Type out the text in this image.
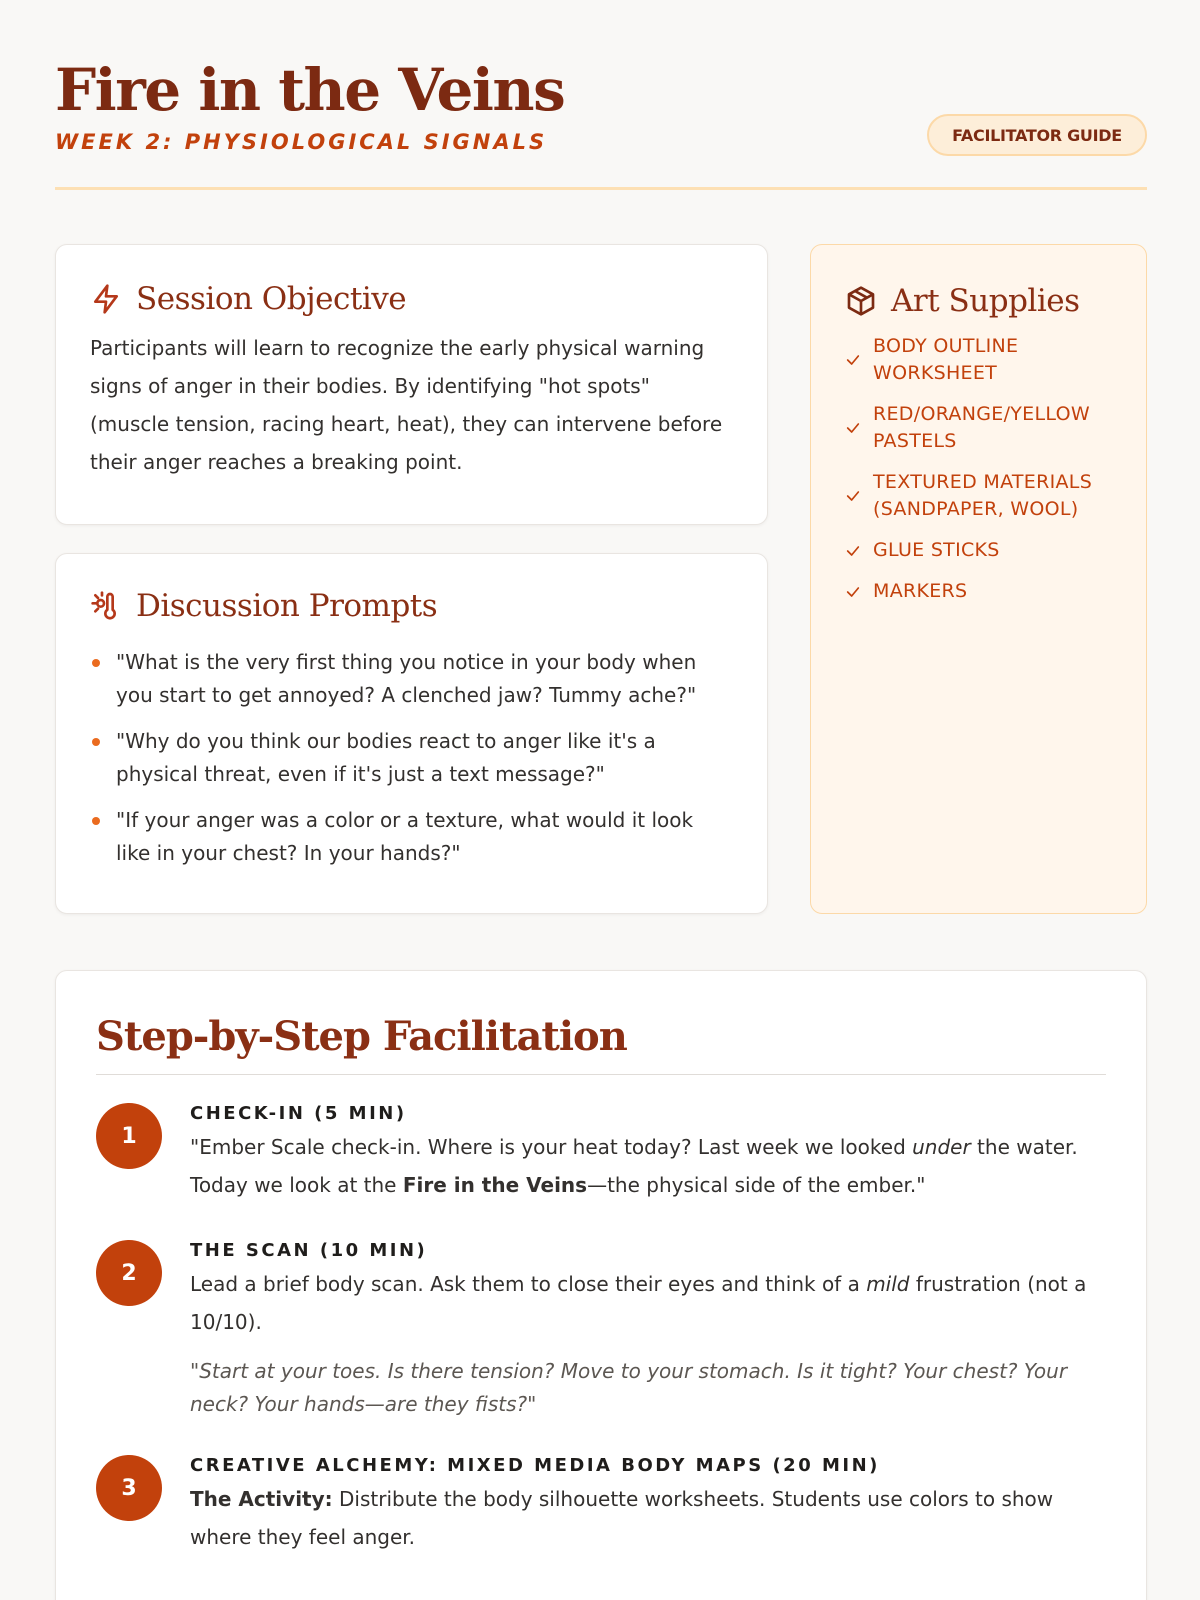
Fire in the Veins
WEEK 2: PHYSIOLOGICAL SIGNALS	FACILITATOR GUIDE
Session Objective

Participants will learn to recognize the early physical warning signs of anger in their bodies. By identifying "hot spots" (muscle tension, racing heart, heat), they can intervene before their anger reaches a breaking point.

Discussion Prompts
"What is the very first thing you notice in your body when you start to get annoyed? A clenched jaw? Tummy ache?"
"Why do you think our bodies react to anger like it's a physical threat, even if it's just a text message?"
"If your anger was a color or a texture, what would it look like in your chest? In your hands?"
Art Supplies
BODY OUTLINE WORKSHEET
RED/ORANGE/YELLOW PASTELS
TEXTURED MATERIALS (SANDPAPER, WOOL)
GLUE STICKS
MARKERS
Step-by-Step Facilitation
1
CHECK-IN (5 MIN)

"Ember Scale check-in. Where is your heat today? Last week we looked under the water. Today we look at the Fire in the Veins—the physical side of the ember."

2
THE SCAN (10 MIN)

Lead a brief body scan. Ask them to close their eyes and think of a mild frustration (not a 10/10).

"Start at your toes. Is there tension? Move to your stomach. Is it tight? Your chest? Your neck? Your hands—are they fists?"

3
CREATIVE ALCHEMY: MIXED MEDIA BODY MAPS (20 MIN)

The Activity: Distribute the body silhouette worksheets. Students use colors to show where they feel anger.
